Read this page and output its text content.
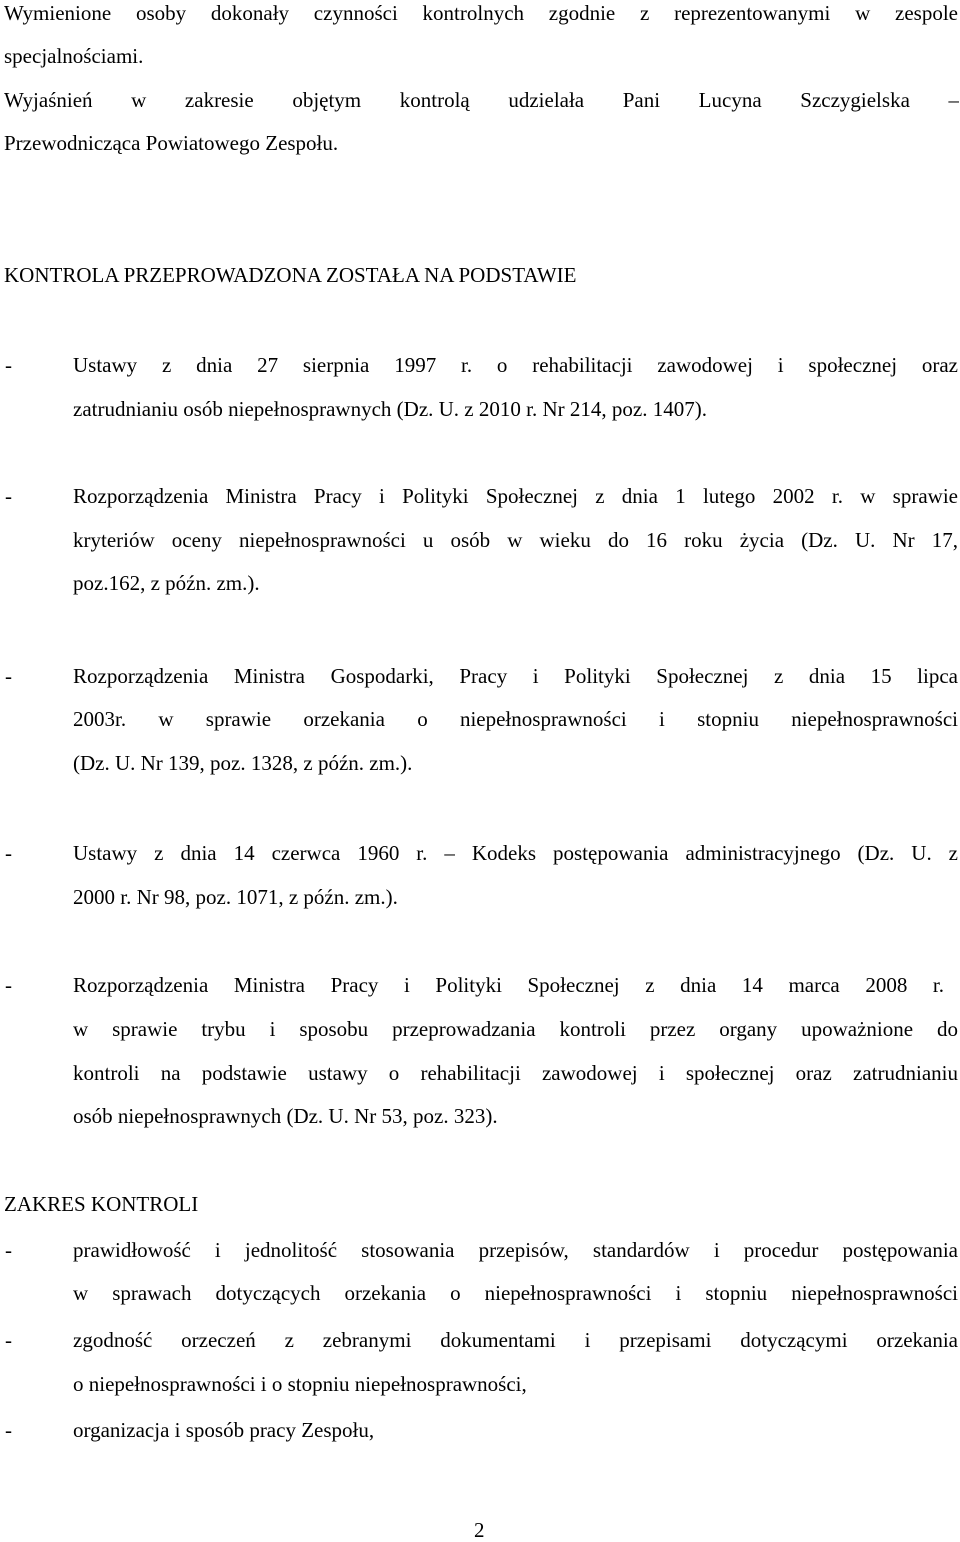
Wymienione osoby dokonały czynności kontrolnych zgodnie z reprezentowanymi w zespole
specjalnościami.
Wyjaśnień w zakresie objętym kontrolą udzielała Pani Lucyna Szczygielska –
Przewodnicząca Powiatowego Zespołu.
KONTROLA PRZEPROWADZONA ZOSTAŁA NA PODSTAWIE
-	Ustawy z dnia 27 sierpnia 1997 r. o rehabilitacji zawodowej i społecznej oraz
zatrudnianiu osób niepełnosprawnych (Dz. U. z 2010 r. Nr 214, poz. 1407).
-	Rozporządzenia Ministra Pracy i Polityki Społecznej z dnia 1 lutego 2002 r. w sprawie
kryteriów oceny niepełnosprawności u osób w wieku do 16 roku życia (Dz. U. Nr 17,
poz.162, z późn. zm.).
-	Rozporządzenia Ministra Gospodarki, Pracy i Polityki Społecznej z dnia 15 lipca
2003r. w sprawie orzekania o niepełnosprawności i stopniu niepełnosprawności
(Dz. U. Nr 139, poz. 1328, z późn. zm.).
-	Ustawy z dnia 14 czerwca 1960 r. – Kodeks postępowania administracyjnego (Dz. U. z
2000 r. Nr 98, poz. 1071, z późn. zm.).
-	Rozporządzenia Ministra Pracy i Polityki Społecznej z dnia 14 marca 2008 r.
w sprawie trybu i sposobu przeprowadzania kontroli przez organy upoważnione do
kontroli na podstawie ustawy o rehabilitacji zawodowej i społecznej oraz zatrudnianiu
osób niepełnosprawnych (Dz. U. Nr 53, poz. 323).
ZAKRES KONTROLI
-	prawidłowość i jednolitość stosowania przepisów, standardów i procedur postępowania
w sprawach dotyczących orzekania o niepełnosprawności i stopniu niepełnosprawności
-	zgodność orzeczeń z zebranymi dokumentami i przepisami dotyczącymi orzekania
o niepełnosprawności i o stopniu niepełnosprawności,
-	organizacja i sposób pracy Zespołu,
2
